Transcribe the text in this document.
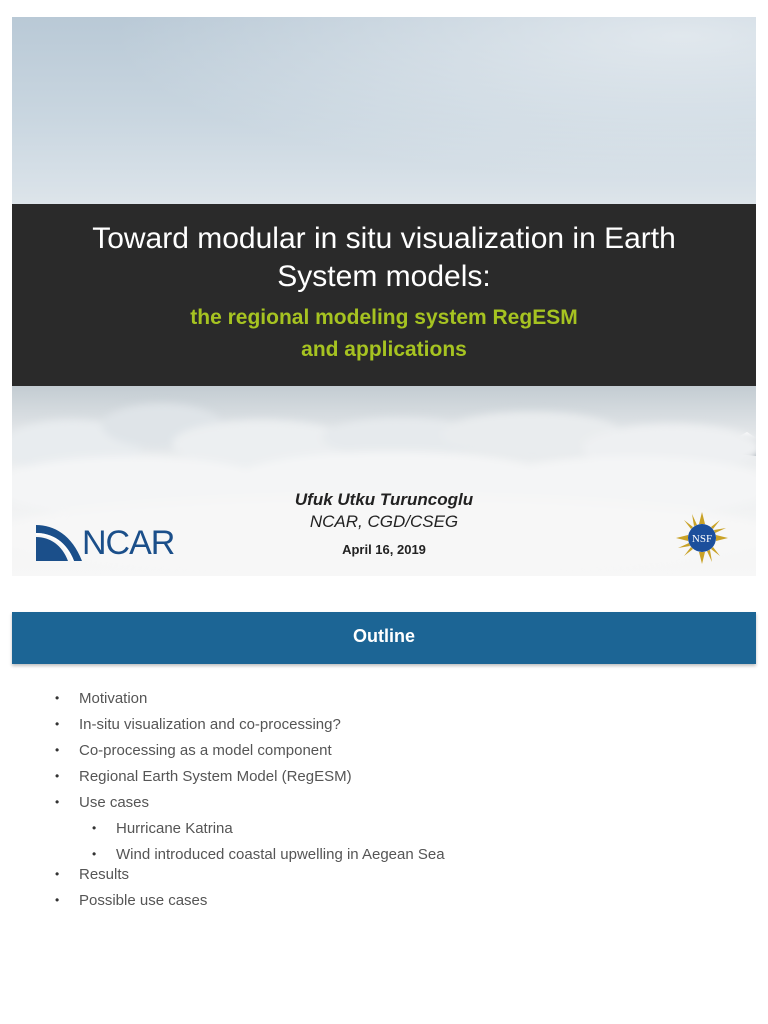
Toward modular in situ visualization in Earth
System models:
the regional modeling system RegESM
and applications
Ufuk Utku Turuncoglu
NCAR, CGD/CSEG
April 16, 2019
NCAR	NSF
Outline
• Motivation
• In-situ visualization and co-processing?
• Co-processing as a model component
• Regional Earth System Model (RegESM)
• Use cases
• Hurricane Katrina
• Wind introduced coastal upwelling in Aegean Sea
• Results
• Possible use cases
